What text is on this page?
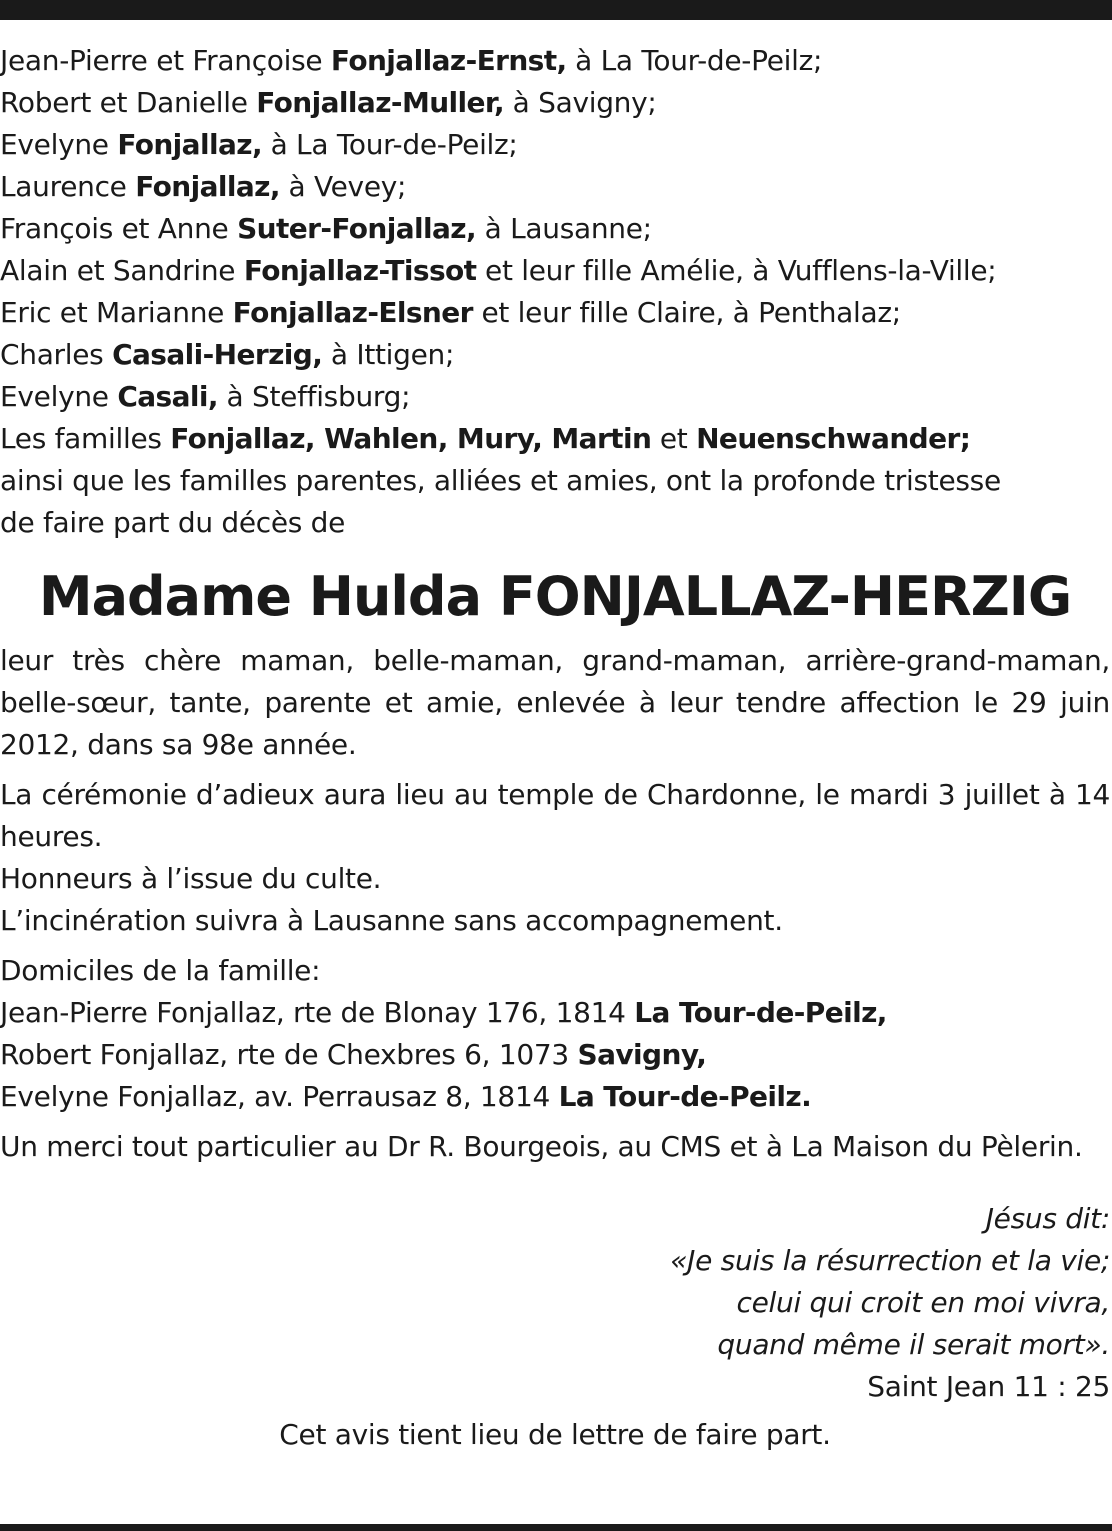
Jean-Pierre et Françoise Fonjallaz-Ernst, à La Tour-de-Peilz;
Robert et Danielle Fonjallaz-Muller, à Savigny;
Evelyne Fonjallaz, à La Tour-de-Peilz;
Laurence Fonjallaz, à Vevey;
François et Anne Suter-Fonjallaz, à Lausanne;
Alain et Sandrine Fonjallaz-Tissot et leur fille Amélie, à Vufflens-la-Ville;
Eric et Marianne Fonjallaz-Elsner et leur fille Claire, à Penthalaz;
Charles Casali-Herzig, à Ittigen;
Evelyne Casali, à Steffisburg;
Les familles Fonjallaz, Wahlen, Mury, Martin et Neuenschwander;
ainsi que les familles parentes, alliées et amies, ont la profonde tristesse
de faire part du décès de
Madame Hulda FONJALLAZ-HERZIG
leur très chère maman, belle-maman, grand-maman, arrière-grand-maman, belle-sœur, tante, parente et amie, enlevée à leur tendre affection le 29 juin 2012, dans sa 98e année.
La cérémonie d’adieux aura lieu au temple de Chardonne, le mardi 3 juillet à 14 heures.
Honneurs à l’issue du culte.
L’incinération suivra à Lausanne sans accompagnement.
Domiciles de la famille:
Jean-Pierre Fonjallaz, rte de Blonay 176, 1814 La Tour-de-Peilz,
Robert Fonjallaz, rte de Chexbres 6, 1073 Savigny,
Evelyne Fonjallaz, av. Perrausaz 8, 1814 La Tour-de-Peilz.
Un merci tout particulier au Dr R. Bourgeois, au CMS et à La Maison du Pèlerin.
Jésus dit:
«Je suis la résurrection et la vie;
celui qui croit en moi vivra,
quand même il serait mort».
Saint Jean 11 : 25
Cet avis tient lieu de lettre de faire part.
